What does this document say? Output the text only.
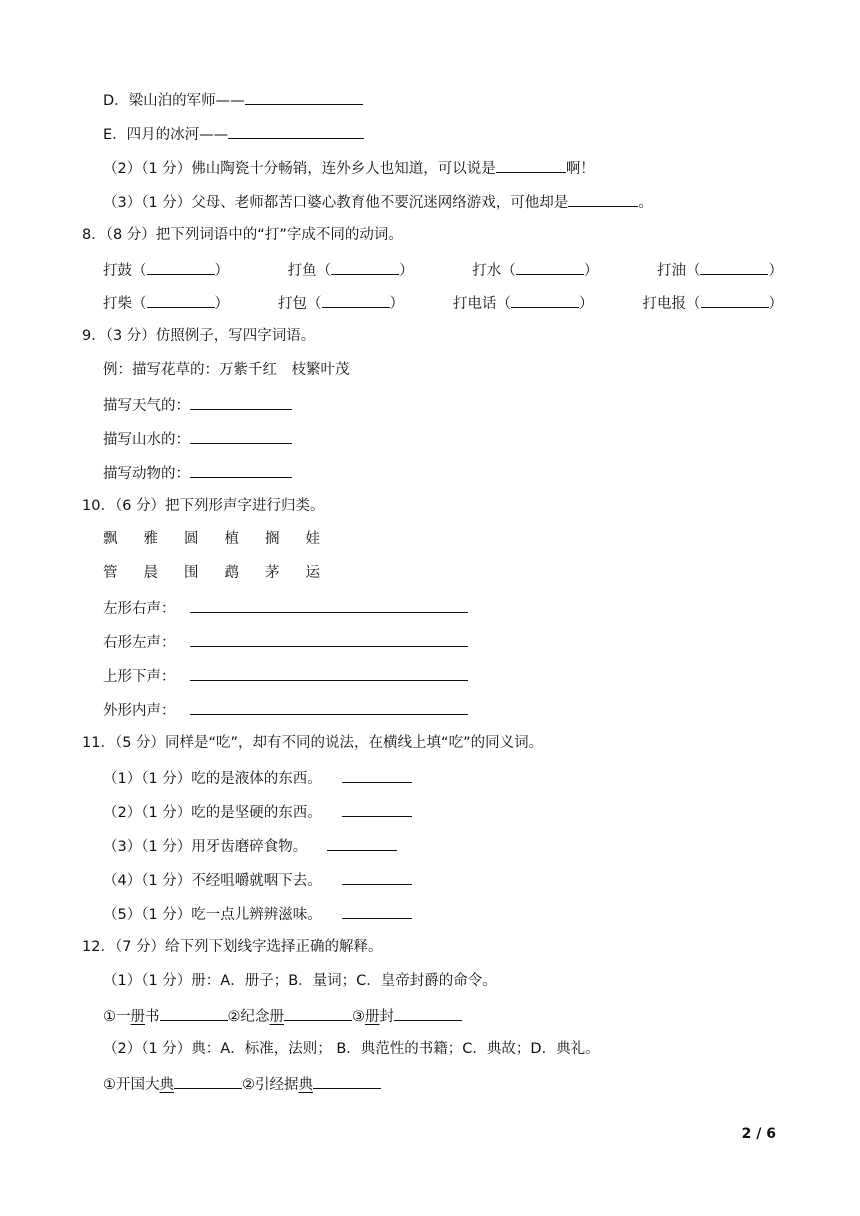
D．梁山泊的军师——
E．四月的冰河——
（2）（1 分）佛山陶瓷十分畅销，连外乡人也知道，可以说是	啊！
（3）（1 分）父母、老师都苦口婆心教育他不要沉迷网络游戏，可他却是	。
8．（8 分）把下列词语中的“打”字成不同的动词。
打鼓（	）	打鱼（	）	打水（	）	打油（	）
打柴（	）	打包（	）	打电话（	）	打电报（	）
9．（3 分）仿照例子，写四字词语。
例：描写花草的：万紫千红　枝繁叶茂
描写天气的：
描写山水的：
描写动物的：
10．（6 分）把下列形声字进行归类。
飘 雅 圆 植 搁 娃
管 晨 围 鹉 茅 运
左形右声：
右形左声：
上形下声：
外形内声：
11．（5 分）同样是“吃”，却有不同的说法，在横线上填“吃”的同义词。
（1）（1 分）吃的是液体的东西。
（2）（1 分）吃的是坚硬的东西。
（3）（1 分）用牙齿磨碎食物。
（4）（1 分）不经咀嚼就咽下去。
（5）（1 分）吃一点儿辨辨滋味。
12．（7 分）给下列下划线字选择正确的解释。
（1）（1 分）册：A．册子；B．量词；C．皇帝封爵的命令。
①一册书	②纪念册	③册封
（2）（1 分）典：A．标准，法则； B．典范性的书籍；C．典故；D．典礼。
①开国大典	②引经据典
2 / 6
